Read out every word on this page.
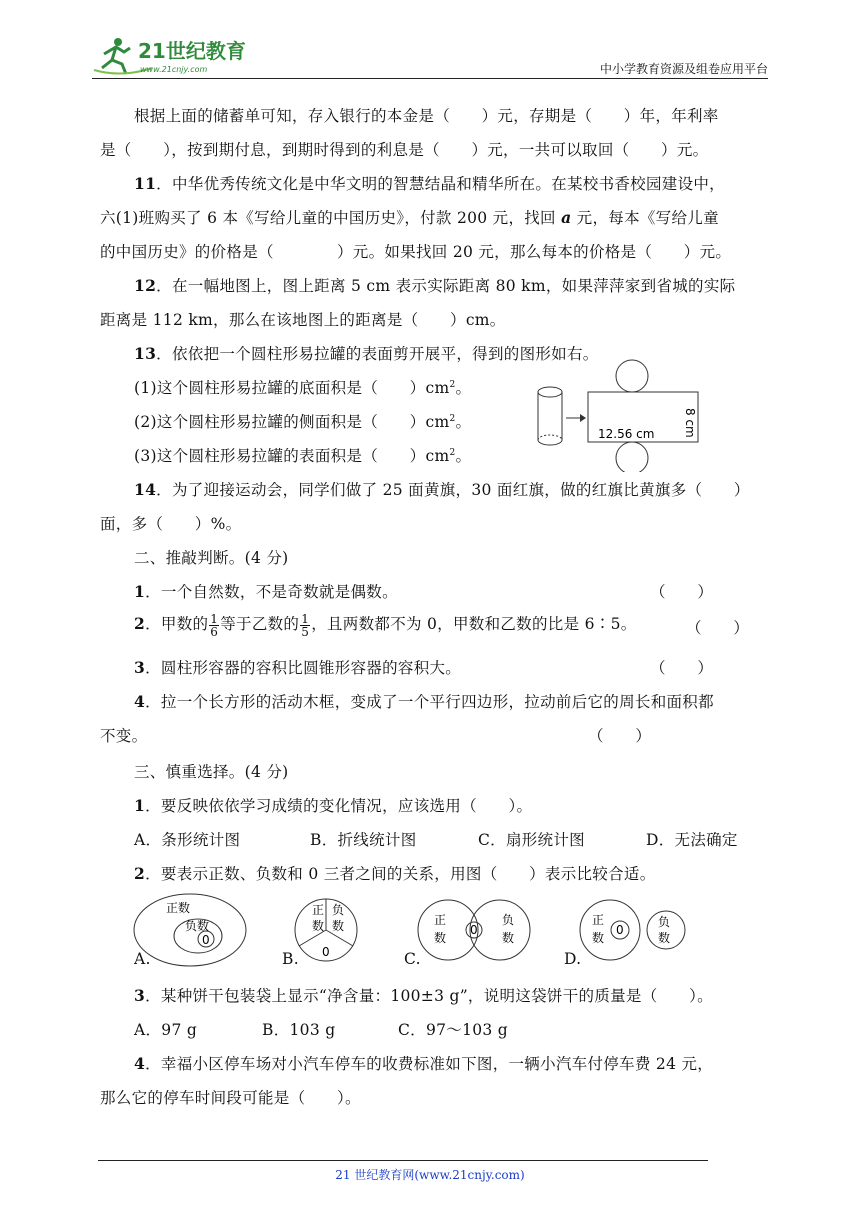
21世纪教育
www.21cnjy.com	中小学教育资源及组卷应用平台
根据上面的储蓄单可知，存入银行的本金是（　　）元，存期是（　　）年，年利率
是（　　），按到期付息，到期时得到的利息是（　　）元，一共可以取回（　　）元。
11．中华优秀传统文化是中华文明的智慧结晶和精华所在。在某校书香校园建设中，
六(1)班购买了 6 本《写给儿童的中国历史》，付款 200 元，找回 a 元，每本《写给儿童
的中国历史》的价格是（　　　　）元。如果找回 20 元，那么每本的价格是（　　）元。
12．在一幅地图上，图上距离 5 cm 表示实际距离 80 km，如果萍萍家到省城的实际
距离是 112 km，那么在该地图上的距离是（　　）cm。
13．依依把一个圆柱形易拉罐的表面剪开展平，得到的图形如右。
(1)这个圆柱形易拉罐的底面积是（　　）$cm^2$。
(2)这个圆柱形易拉罐的侧面积是（　　）$cm^2$。
(3)这个圆柱形易拉罐的表面积是（　　）$cm^2$。
12.56 cm 8 cm
14．为了迎接运动会，同学们做了 25 面黄旗，30 面红旗，做的红旗比黄旗多（　　）
面，多（　　）%。
二、推敲判断。(4 分)
1．一个自然数，不是奇数就是偶数。	（　　）
2．甲数的 $\frac{1}{6}$ 等于乙数的 $\frac{1}{5}$ ，且两数都不为 0，甲数和乙数的比是 6∶5。	（　　）
3．圆柱形容器的容积比圆锥形容器的容积大。	（　　）
4．拉一个长方形的活动木框，变成了一个平行四边形，拉动前后它的周长和面积都
不变。	（　　）
三、慎重选择。(4 分)
1．要反映依依学习成绩的变化情况，应该选用（　　）。
A．条形统计图	B．折线统计图	C．扇形统计图	D．无法确定
2．要表示正数、负数和 0 三者之间的关系，用图（　　）表示比较合适。
正数
负数
0
正
数
负
数
0
正
数
0
负
数
正
数
0
负
数
A.	B.	C.	D.
3．某种饼干包装袋上显示“净含量：100±3 g”，说明这袋饼干的质量是（　　）。
A．97 g	B．103 g	C．97～103 g
4．幸福小区停车场对小汽车停车的收费标准如下图，一辆小汽车付停车费 24 元，
那么它的停车时间段可能是（　　）。
21 世纪教育网(www.21cnjy.com)
